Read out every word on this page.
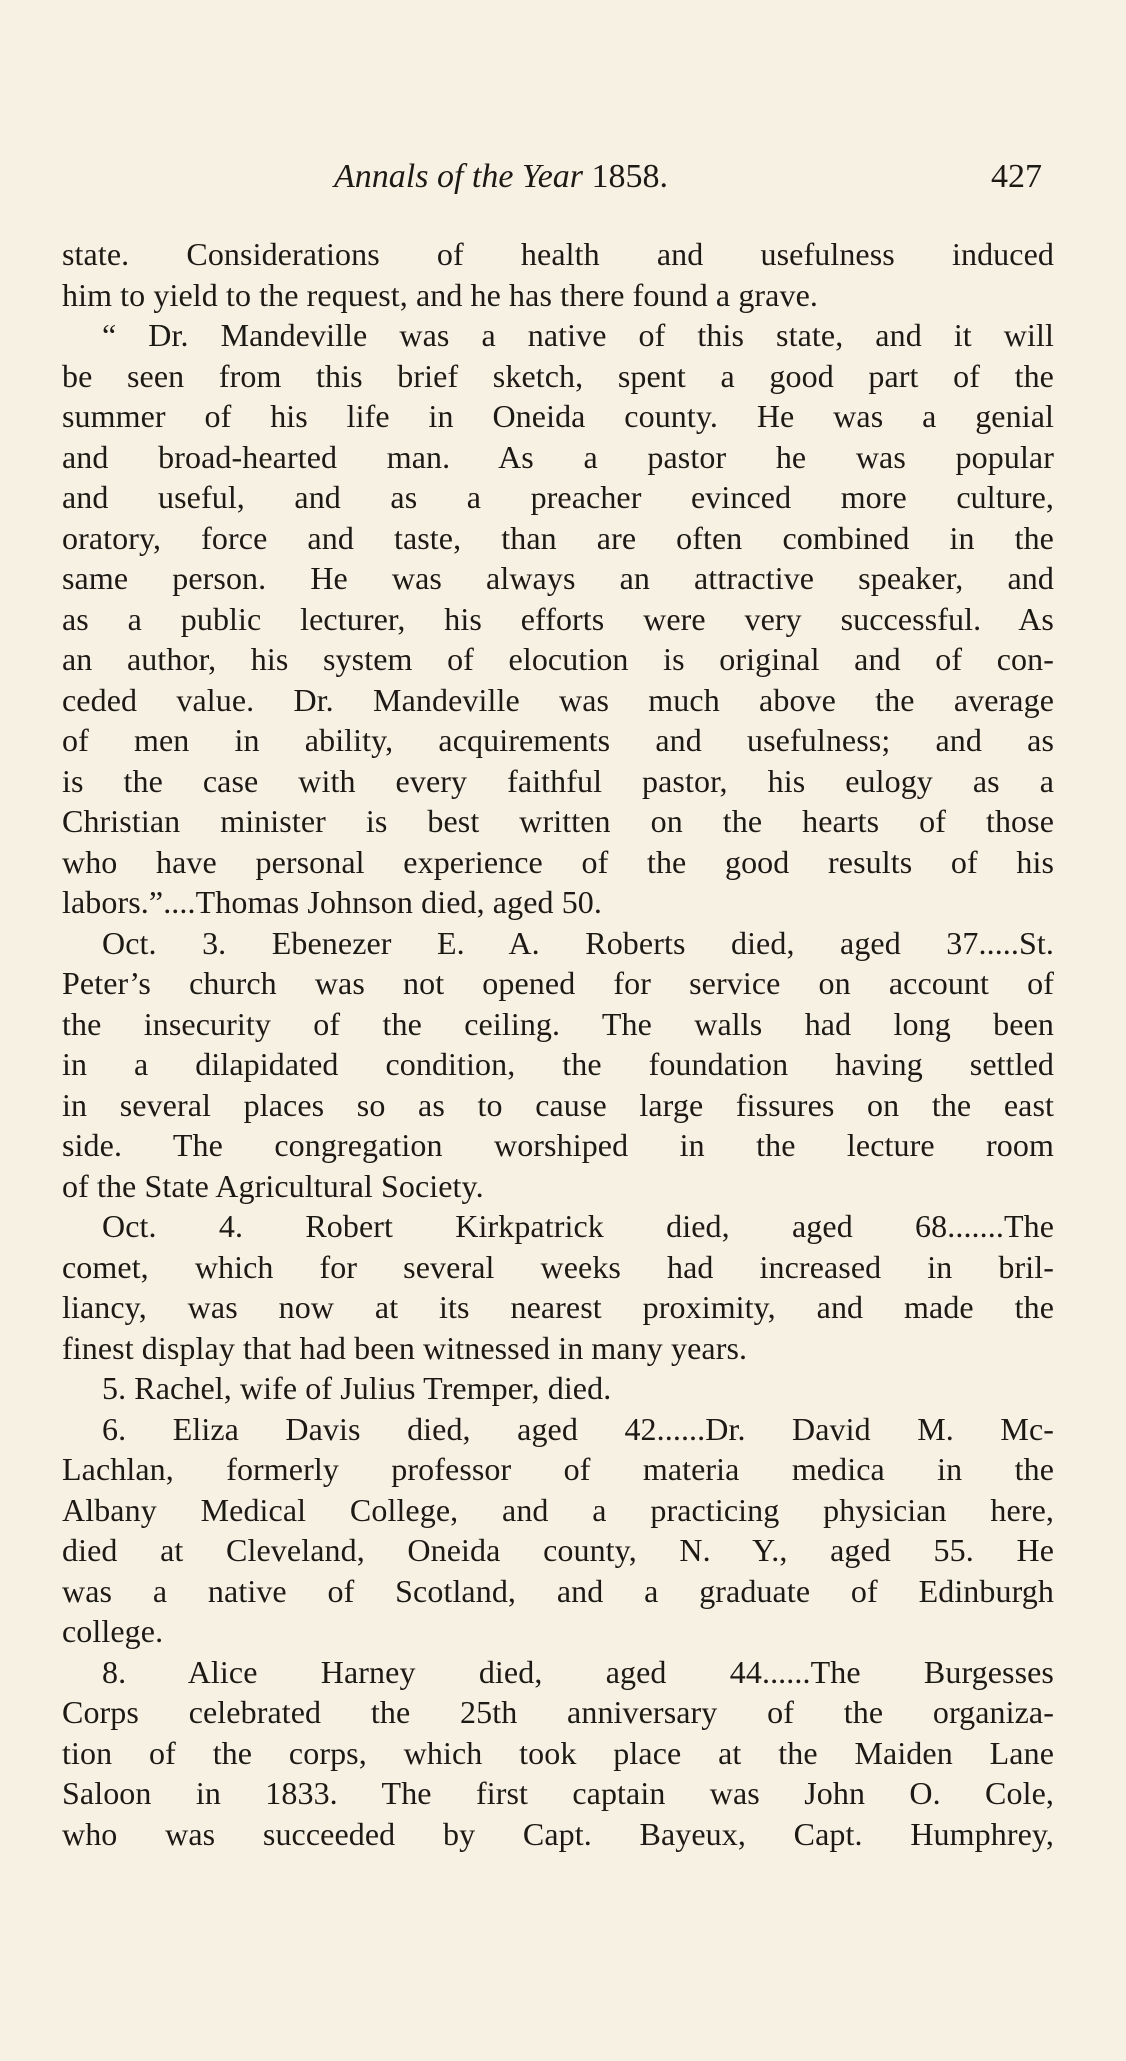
Annals of the Year 1858.	427
state. Considerations of health and usefulness induced
him to yield to the request, and he has there found a grave.
“ Dr. Mandeville was a native of this state, and it will
be seen from this brief sketch, spent a good part of the
summer of his life in Oneida county. He was a genial
and broad-hearted man. As a pastor he was popular
and useful, and as a preacher evinced more culture,
oratory, force and taste, than are often combined in the
same person. He was always an attractive speaker, and
as a public lecturer, his efforts were very successful. As
an author, his system of elocution is original and of con-
ceded value. Dr. Mandeville was much above the average
of men in ability, acquirements and usefulness; and as
is the case with every faithful pastor, his eulogy as a
Christian minister is best written on the hearts of those
who have personal experience of the good results of his
labors.”....Thomas Johnson died, aged 50.
Oct. 3. Ebenezer E. A. Roberts died, aged 37.....St.
Peter’s church was not opened for service on account of
the insecurity of the ceiling. The walls had long been
in a dilapidated condition, the foundation having settled
in several places so as to cause large fissures on the east
side. The congregation worshiped in the lecture room
of the State Agricultural Society.
Oct. 4. Robert Kirkpatrick died, aged 68.......The
comet, which for several weeks had increased in bril-
liancy, was now at its nearest proximity, and made the
finest display that had been witnessed in many years.
5. Rachel, wife of Julius Tremper, died.
6. Eliza Davis died, aged 42......Dr. David M. Mc-
Lachlan, formerly professor of materia medica in the
Albany Medical College, and a practicing physician here,
died at Cleveland, Oneida county, N. Y., aged 55. He
was a native of Scotland, and a graduate of Edinburgh
college.
8. Alice Harney died, aged 44......The Burgesses
Corps celebrated the 25th anniversary of the organiza-
tion of the corps, which took place at the Maiden Lane
Saloon in 1833. The first captain was John O. Cole,
who was succeeded by Capt. Bayeux, Capt. Humphrey,
